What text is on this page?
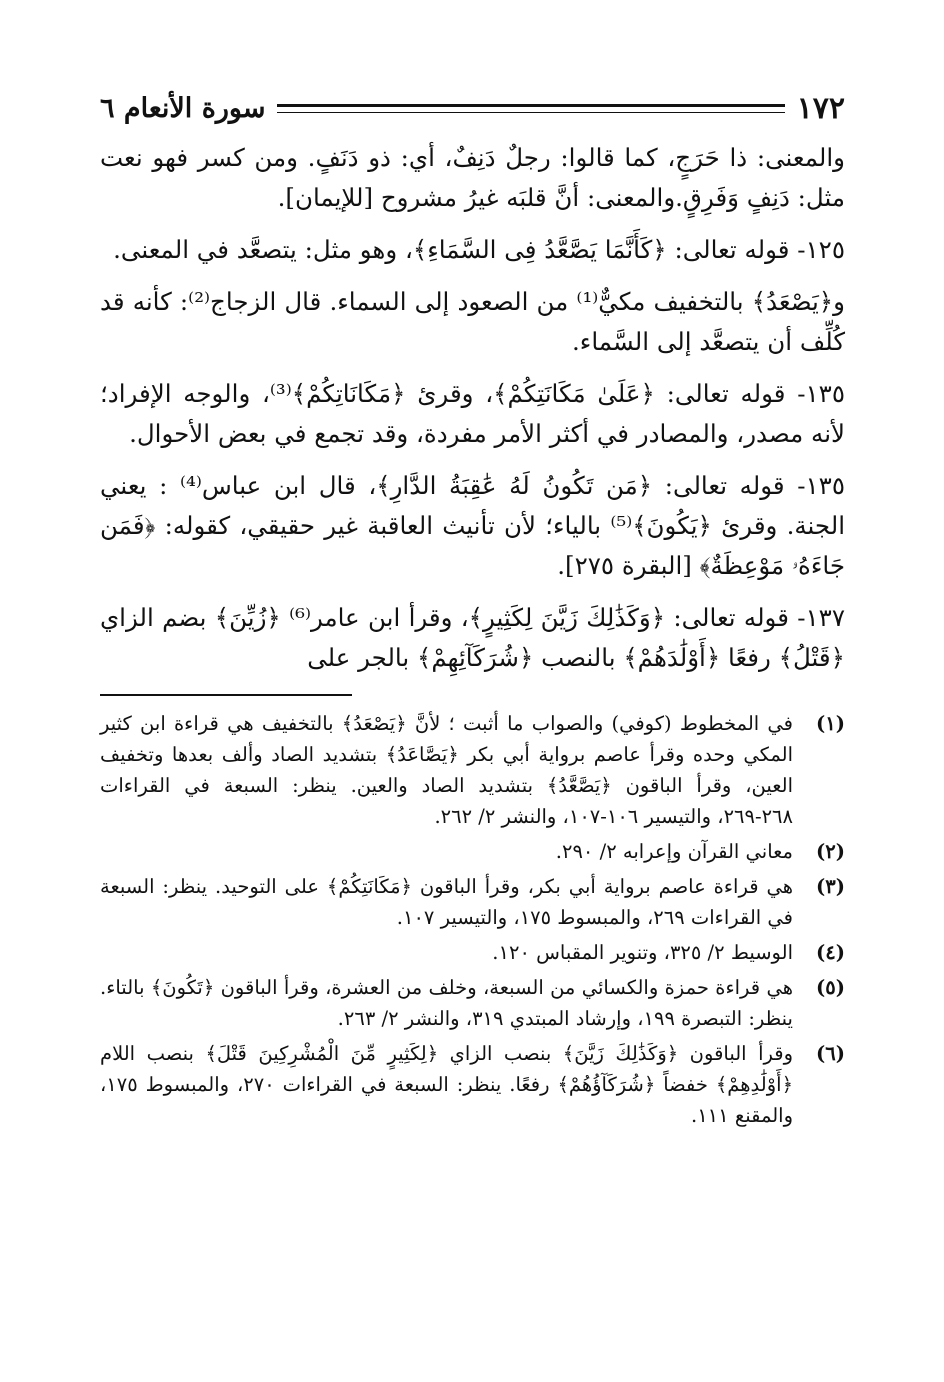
١٧٢
سورة الأنعام ٦

والمعنى: ذا حَرَجٍ، كما قالوا: رجلٌ دَنِفٌ، أي: ذو دَنَفٍ. ومن كسر فهو نعت مثل: دَنِفٍ وَفَرِقٍ.والمعنى: أنَّ قلبَه غيرُ مشروح [للإيمان].

١٢٥- قوله تعالى: ﴿كَأَنَّمَا يَصَّعَّدُ فِى السَّمَاءِ﴾، وهو مثل: يتصعَّد في المعنى.

و﴿يَصْعَدُ﴾ بالتخفيف مكيٌّ⁽¹⁾ من الصعود إلى السماء. قال الزجاج⁽²⁾: كأنه قد كُلِّف أن يتصعَّد إلى السَّماء.

١٣٥- قوله تعالى: ﴿عَلَىٰ مَكَانَتِكُمْ﴾، وقرئ ﴿مَكَانَاتِكُمْ﴾⁽³⁾، والوجه الإفراد؛ لأنه مصدر، والمصادر في أكثر الأمر مفردة، وقد تجمع في بعض الأحوال.

١٣٥- قوله تعالى: ﴿مَن تَكُونُ لَهُ عَٰقِبَةُ الدَّارِ﴾، قال ابن عباس⁽⁴⁾ : يعني الجنة. وقرئ ﴿يَكُونَ﴾⁽⁵⁾ بالياء؛ لأن تأنيث العاقبة غير حقيقي، كقوله: ﴿فَمَن جَاءَهُۥ مَوْعِظَةٌ﴾ [البقرة ٢٧٥].

١٣٧- قوله تعالى: ﴿وَكَذَٰلِكَ زَيَّنَ لِكَثِيرٍ﴾، وقرأ ابن عامر⁽⁶⁾ ﴿زُيِّنَ﴾ بضم الزاي ﴿قَتْلُ﴾ رفعًا ﴿أَوْلَٰدَهُمْ﴾ بالنصب ﴿شُرَكَآئِهِمْ﴾ بالجر على

(١)
في المخطوط (كوفي) والصواب ما أثبت ؛ لأنَّ ﴿يَصْعَدُ﴾ بالتخفيف هي قراءة ابن كثير المكي وحده وقرأ عاصم برواية أبي بكر ﴿يَصَّاعَدُ﴾ بتشديد الصاد وألف بعدها وتخفيف العين، وقرأ الباقون ﴿يَصَّعَّدُ﴾ بتشديد الصاد والعين. ينظر: السبعة في القراءات ٢٦٨-٢٦٩، والتيسير ١٠٦-١٠٧، والنشر ٢/ ٢٦٢.
(٢)
معاني القرآن وإعرابه ٢/ ٢٩٠.
(٣)
هي قراءة عاصم برواية أبي بكر، وقرأ الباقون ﴿مَكَانَتِكُمْ﴾ على التوحيد. ينظر: السبعة في القراءات ٢٦٩، والمبسوط ١٧٥، والتيسير ١٠٧.
(٤)
الوسيط ٢/ ٣٢٥، وتنوير المقباس ١٢٠.
(٥)
هي قراءة حمزة والكسائي من السبعة، وخلف من العشرة، وقرأ الباقون ﴿تَكُونَ﴾ بالتاء. ينظر: التبصرة ١٩٩، وإرشاد المبتدي ٣١٩، والنشر ٢/ ٢٦٣.
(٦)
وقرأ الباقون ﴿وَكَذَٰلِكَ زَيَّنَ﴾ بنصب الزاي ﴿لِكَثِيرٍ مِّنَ الْمُشْرِكِينَ قَتْلَ﴾ بنصب اللام ﴿أَوْلَٰدِهِمْ﴾ خفضاً ﴿شُرَكَآؤُهُمْ﴾ رفعًا. ينظر: السبعة في القراءات ٢٧٠، والمبسوط ١٧٥، والمقنع ١١١.
